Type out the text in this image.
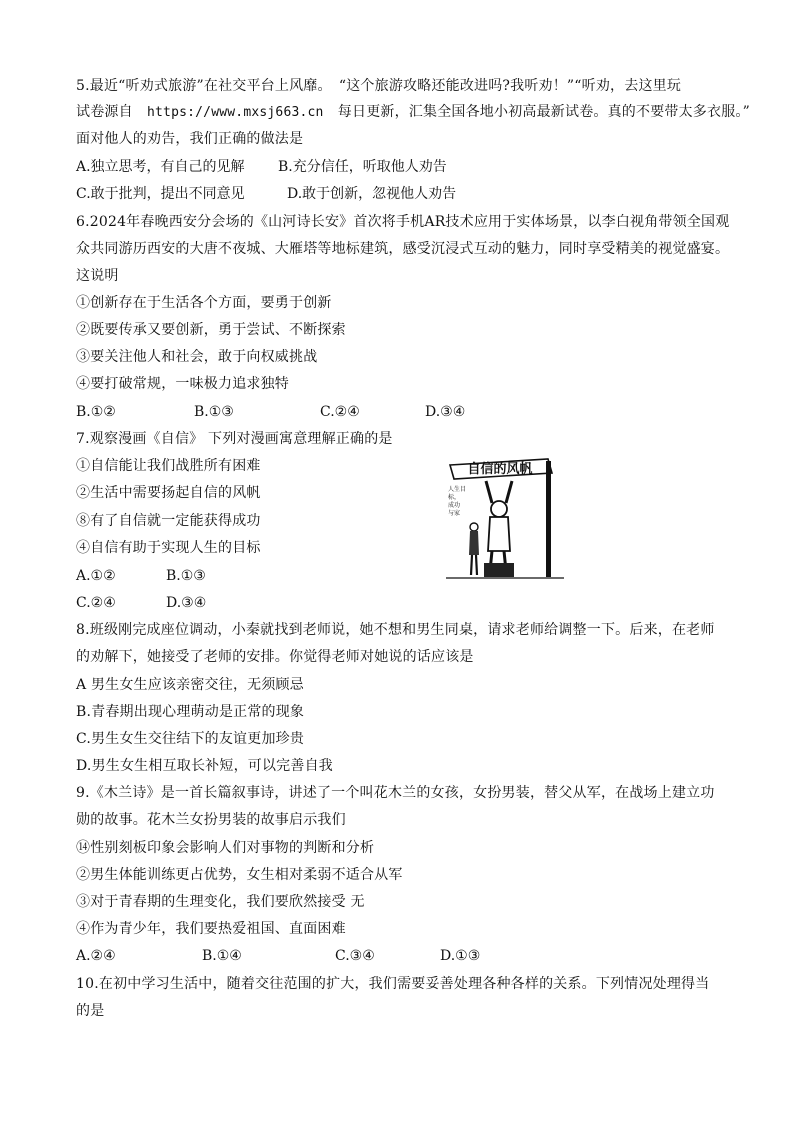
5.最近“听劝式旅游”在社交平台上风靡。　“这个旅游攻略还能改进吗?我听劝！”“听劝，去这里玩

试卷源自　https://www.mxsj663.cn　每日更新，汇集全国各地小初高最新试卷。真的不要带太多衣服。”

面对他人的劝告，我们正确的做法是

A.独立思考，有自己的见解 B.充分信任，听取他人劝告
C.敢于批判，提出不同意见	D.敢于创新，忽视他人劝告

6.2024年春晚西安分会场的《山河诗长安》首次将手机AR技术应用于实体场景，以李白视角带领全国观

众共同游历西安的大唐不夜城、大雁塔等地标建筑，感受沉浸式互动的魅力，同时享受精美的视觉盛宴。

这说明

①创新存在于生活各个方面，要勇于创新

②既要传承又要创新，勇于尝试、不断探索

③要关注他人和社会，敢于向权威挑战

④要打破常规，一味极力追求独特

B.①②	B.①③	C.②④	D.③④

7.观察漫画《自信》 下列对漫画寓意理解正确的是

①自信能让我们战胜所有困难

②生活中需要扬起自信的风帆

⑧有了自信就一定能获得成功

④自信有助于实现人生的目标

A.①②	B.①③
C.②④	D.③④
自信的风帆
人生目
标，
成功
与家

8.班级刚完成座位调动，小秦就找到老师说，她不想和男生同桌，请求老师给调整一下。后来，在老师

的劝解下，她接受了老师的安排。你觉得老师对她说的话应该是

A 男生女生应该亲密交往，无须顾忌

B.青春期出现心理萌动是正常的现象

C.男生女生交往结下的友谊更加珍贵

D.男生女生相互取长补短，可以完善自我

9.《木兰诗》是一首长篇叙事诗，讲述了一个叫花木兰的女孩，女扮男装，替父从军，在战场上建立功

勋的故事。花木兰女扮男装的故事启示我们

⑭性别刻板印象会影响人们对事物的判断和分析

②男生体能训练更占优势，女生相对柔弱不适合从军

③对于青春期的生理变化，我们要欣然接受 无

④作为青少年，我们要热爱祖国、直面困难

A.②④	B.①④	C.③④	D.①③

10.在初中学习生活中，随着交往范围的扩大，我们需要妥善处理各种各样的关系。下列情况处理得当

的是
